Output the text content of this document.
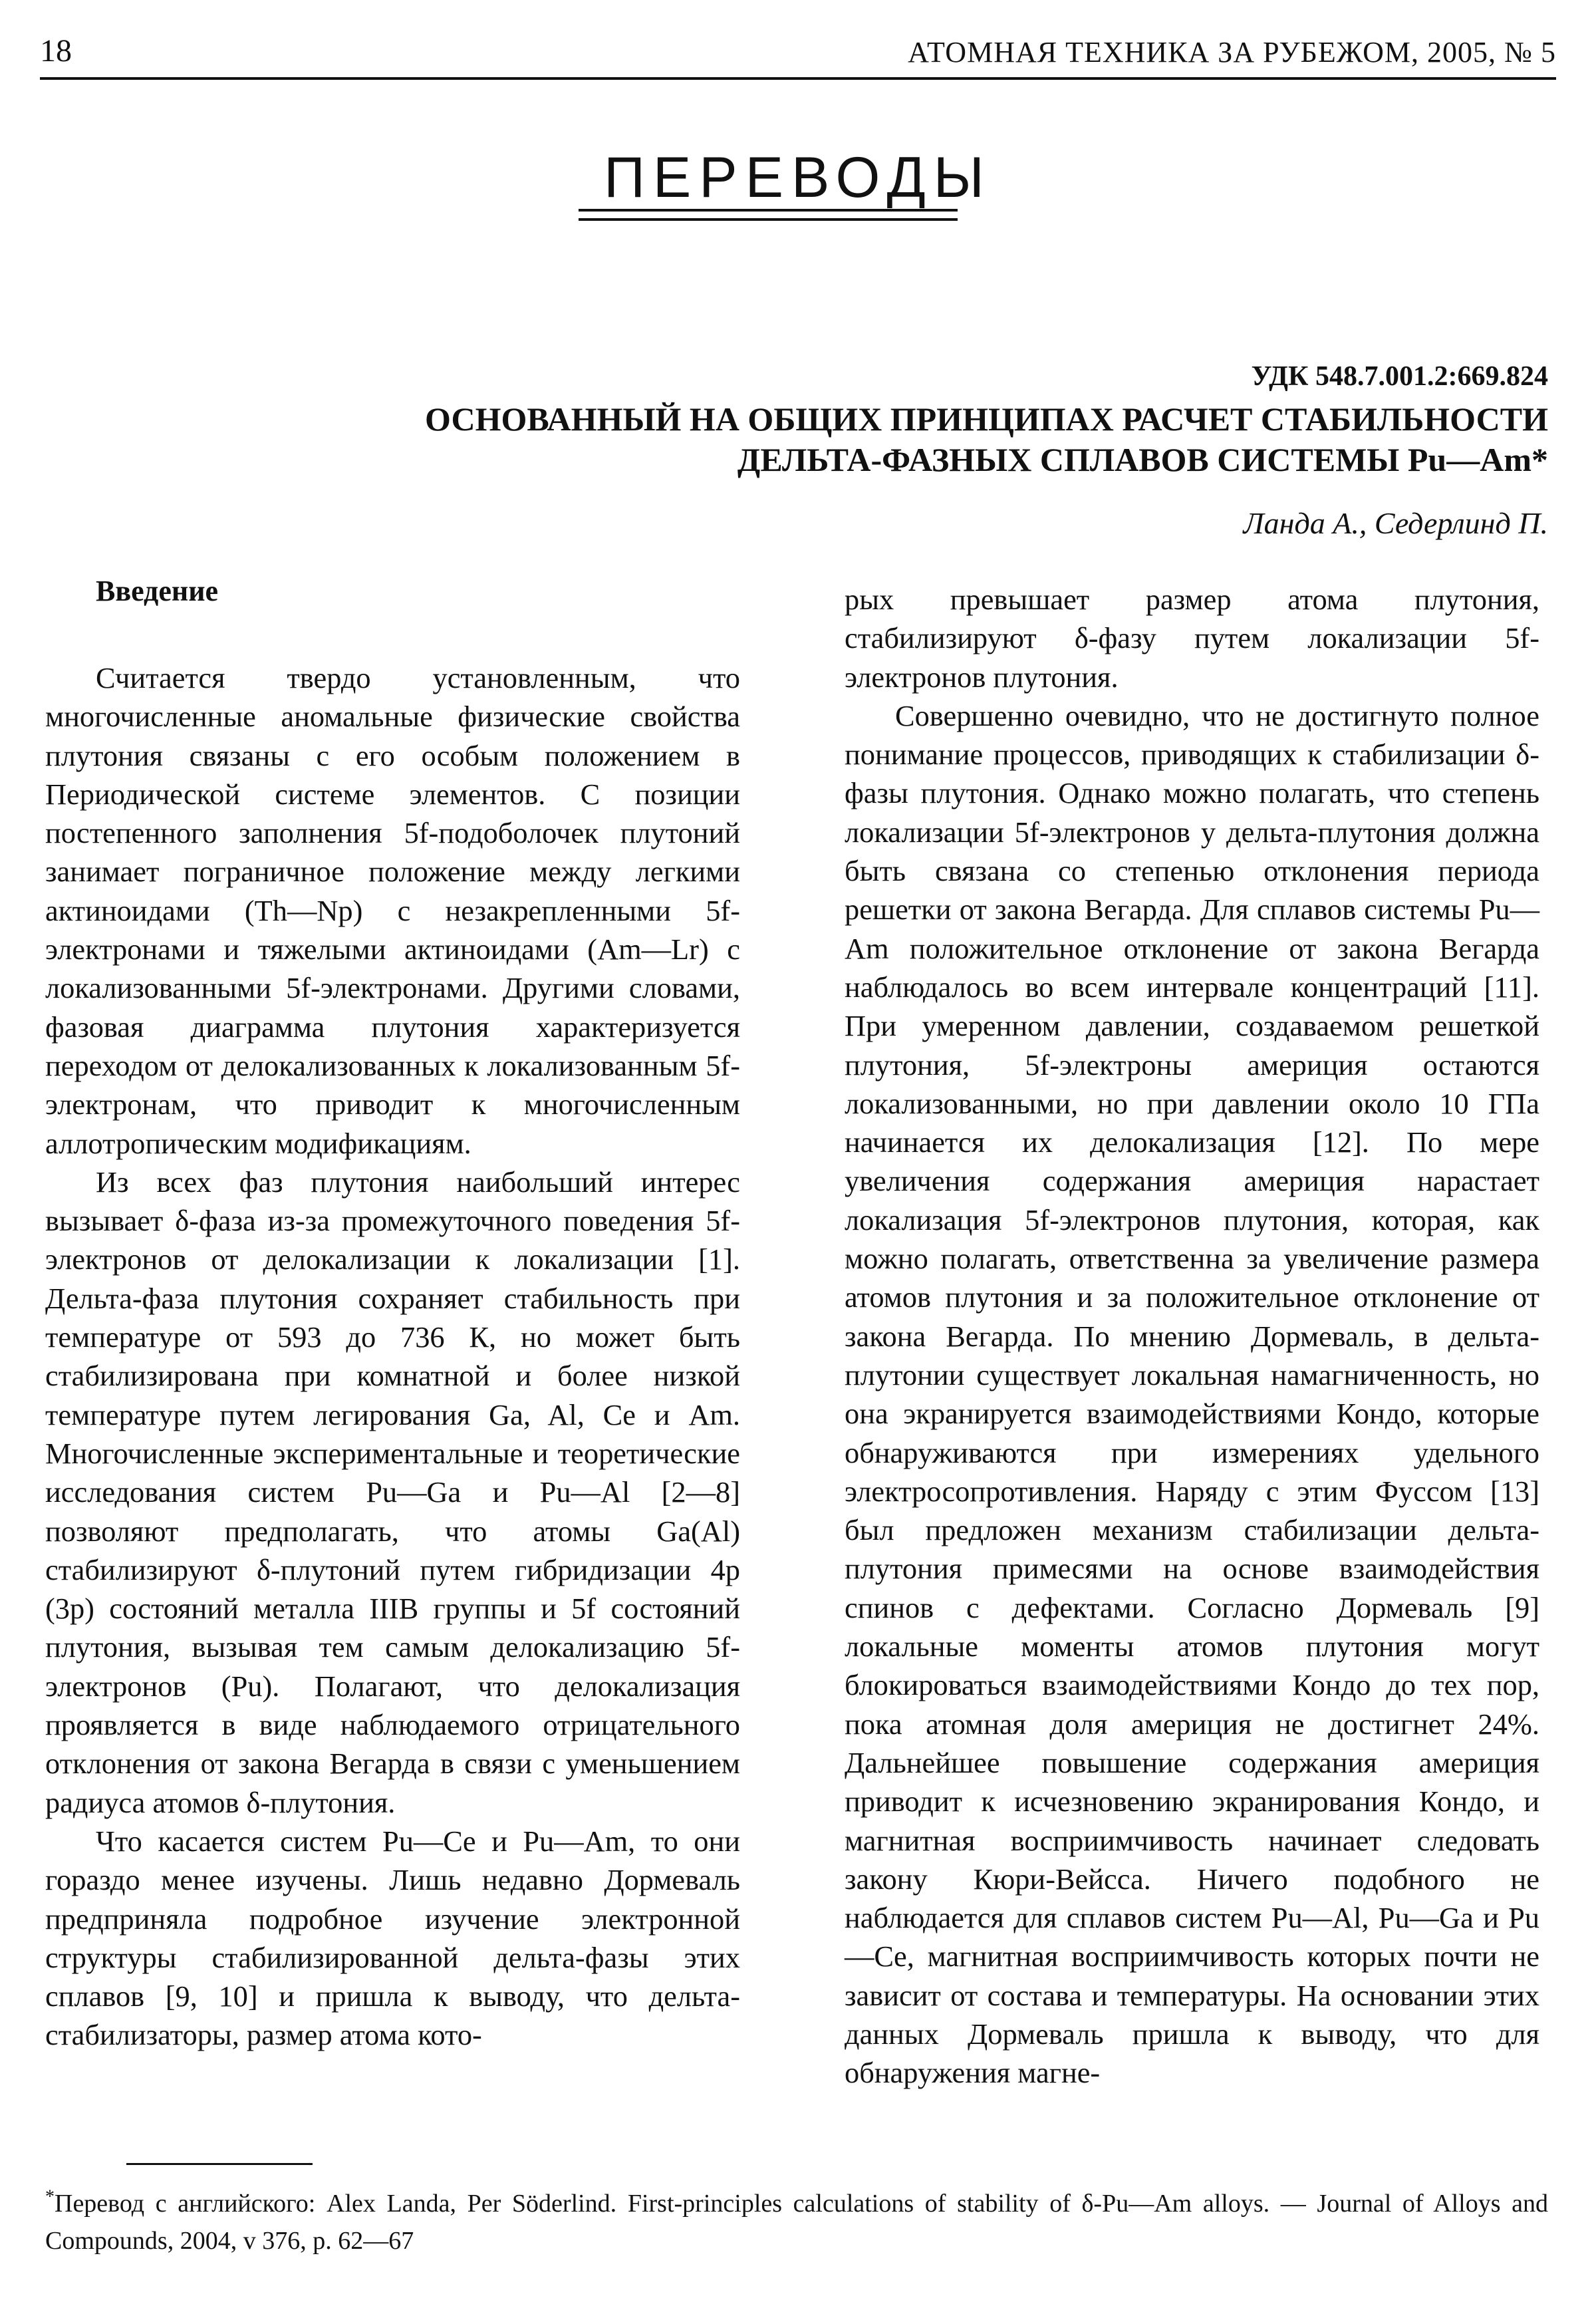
18	АТОМНАЯ ТЕХНИКА ЗА РУБЕЖОМ, 2005, № 5
ПЕРЕВОДЫ
УДК 548.7.001.2:669.824
ОСНОВАННЫЙ НА ОБЩИХ ПРИНЦИПАХ РАСЧЕТ СТАБИЛЬНОСТИ
ДЕЛЬТА-ФАЗНЫХ СПЛАВОВ СИСТЕМЫ Pu—Am*
Ланда А., Седерлинд П.
Введение

Считается твердо установленным, что многочисленные аномальные физические свойства плутония связаны с его особым положением в Периодической системе элементов. С позиции постепенного заполнения 5f-подоболочек плутоний занимает пограничное положение между легкими актиноидами (Th—Np) с незакрепленными 5f-электронами и тяжелыми актиноидами (Am—Lr) с локализованными 5f-электронами. Другими словами, фазовая диаграмма плутония характеризуется переходом от делокализованных к локализованным 5f-электронам, что приводит к многочисленным аллотропическим модификациям.

Из всех фаз плутония наибольший интерес вызывает δ-фаза из-за промежуточного поведения 5f-электронов от делокализации к локализации [1]. Дельта-фаза плутония сохраняет стабильность при температуре от 593 до 736 К, но может быть стабилизирована при комнатной и более низкой температуре путем легирования Ga, Al, Ce и Am. Многочисленные экспериментальные и теоретические исследования систем Pu—Ga и Pu—Al [2—8] позволяют предполагать, что атомы Ga(Al) стабилизируют δ-плутоний путем гибридизации 4p (3p) состояний металла IIIB группы и 5f состояний плутония, вызывая тем самым делокализацию 5f-электронов (Pu). Полагают, что делокализация проявляется в виде наблюдаемого отрицательного отклонения от закона Вегарда в связи с уменьшением радиуса атомов δ-плутония.

Что касается систем Pu—Ce и Pu—Am, то они гораздо менее изучены. Лишь недавно Дормеваль предприняла подробное изучение электронной структуры стабилизированной дельта-фазы этих сплавов [9, 10] и пришла к выводу, что дельта-стабилизаторы, размер атома кото-

рых превышает размер атома плутония, стабилизируют δ-фазу путем локализации 5f-электронов плутония.

Совершенно очевидно, что не достигнуто полное понимание процессов, приводящих к стабилизации δ-фазы плутония. Однако можно полагать, что степень локализации 5f-электронов у дельта-плутония должна быть связана со степенью отклонения периода решетки от закона Вегарда. Для сплавов системы Pu—Am положительное отклонение от закона Вегарда наблюдалось во всем интервале концентраций [11]. При умеренном давлении, создаваемом решеткой плутония, 5f-электроны америция остаются локализованными, но при давлении около 10 ГПа начинается их делокализация [12]. По мере увеличения содержания америция нарастает локализация 5f-электронов плутония, которая, как можно полагать, ответственна за увеличение размера атомов плутония и за положительное отклонение от закона Вегарда. По мнению Дормеваль, в дельта-плутонии существует локальная намагниченность, но она экранируется взаимодействиями Кондо, которые обнаруживаются при измерениях удельного электросопротивления. Наряду с этим Фуссом [13] был предложен механизм стабилизации дельта-плутония примесями на основе взаимодействия спинов с дефектами. Согласно Дормеваль [9] локальные моменты атомов плутония могут блокироваться взаимодействиями Кондо до тех пор, пока атомная доля америция не достигнет 24%. Дальнейшее повышение содержания америция приводит к исчезновению экранирования Кондо, и магнитная восприимчивость начинает следовать закону Кюри-Вейсса. Ничего подобного не наблюдается для сплавов систем Pu—Al, Pu—Ga и Pu—Ce, магнитная восприимчивость которых почти не зависит от состава и температуры. На основании этих данных Дормеваль пришла к выводу, что для обнаружения магне-

*Перевод с английского: Alex Landa, Per Söderlind. First-principles calculations of stability of δ-Pu—Am alloys. — Journal of Alloys and Compounds, 2004, v 376, p. 62—67
